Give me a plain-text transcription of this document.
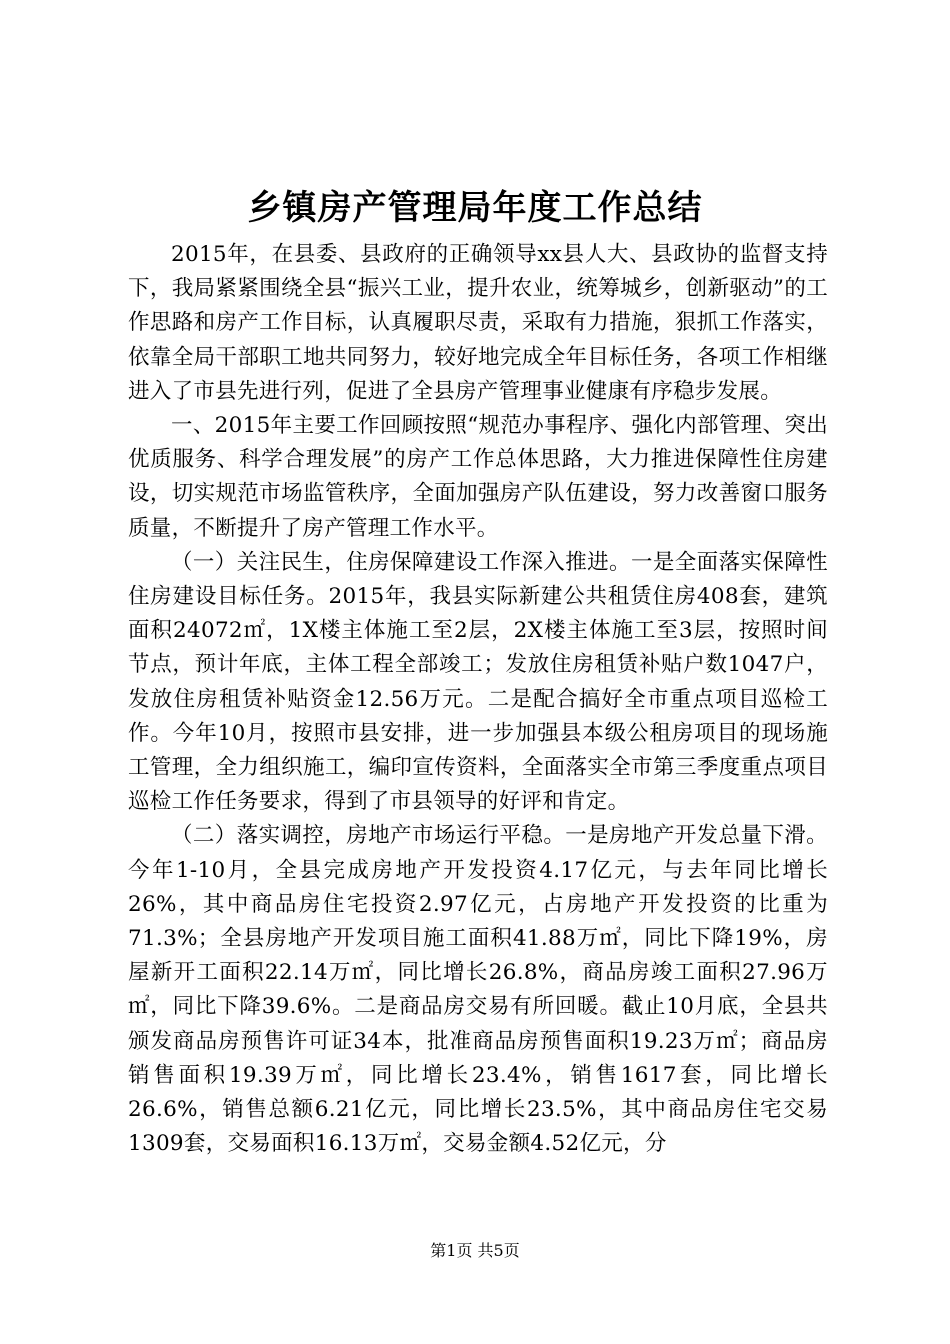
乡镇房产管理局年度工作总结

2015年，在县委、县政府的正确领导xx县人大、县政协的监督支持下，我局紧紧围绕全县“振兴工业，提升农业，统筹城乡，创新驱动”的工作思路和房产工作目标，认真履职尽责，采取有力措施，狠抓工作落实，依靠全局干部职工地共同努力，较好地完成全年目标任务，各项工作相继进入了市县先进行列，促进了全县房产管理事业健康有序稳步发展。

一、2015年主要工作回顾按照“规范办事程序、强化内部管理、突出优质服务、科学合理发展”的房产工作总体思路，大力推进保障性住房建设，切实规范市场监管秩序，全面加强房产队伍建设，努力改善窗口服务质量，不断提升了房产管理工作水平。

（一）关注民生，住房保障建设工作深入推进。一是全面落实保障性住房建设目标任务。2015年，我县实际新建公共租赁住房408套，建筑面积24072㎡，1X楼主体施工至2层，2X楼主体施工至3层，按照时间节点，预计年底，主体工程全部竣工；发放住房租赁补贴户数1047户，发放住房租赁补贴资金12.56万元。二是配合搞好全市重点项目巡检工作。今年10月，按照市县安排，进一步加强县本级公租房项目的现场施工管理，全力组织施工，编印宣传资料，全面落实全市第三季度重点项目巡检工作任务要求，得到了市县领导的好评和肯定。

（二）落实调控，房地产市场运行平稳。一是房地产开发总量下滑。今年1-10月，全县完成房地产开发投资4.17亿元，与去年同比增长26%，其中商品房住宅投资2.97亿元，占房地产开发投资的比重为71.3%；全县房地产开发项目施工面积41.88万㎡，同比下降19%，房屋新开工面积22.14万㎡，同比增长26.8%，商品房竣工面积27.96万㎡，同比下降39.6%。二是商品房交易有所回暖。截止10月底，全县共颁发商品房预售许可证34本，批准商品房预售面积19.23万㎡；商品房销售面积19.39万㎡，同比增长23.4%，销售1617套，同比增长26.6%，销售总额6.21亿元，同比增长23.5%，其中商品房住宅交易1309套，交易面积16.13万㎡，交易金额4.52亿元，分

第1页 共5页
